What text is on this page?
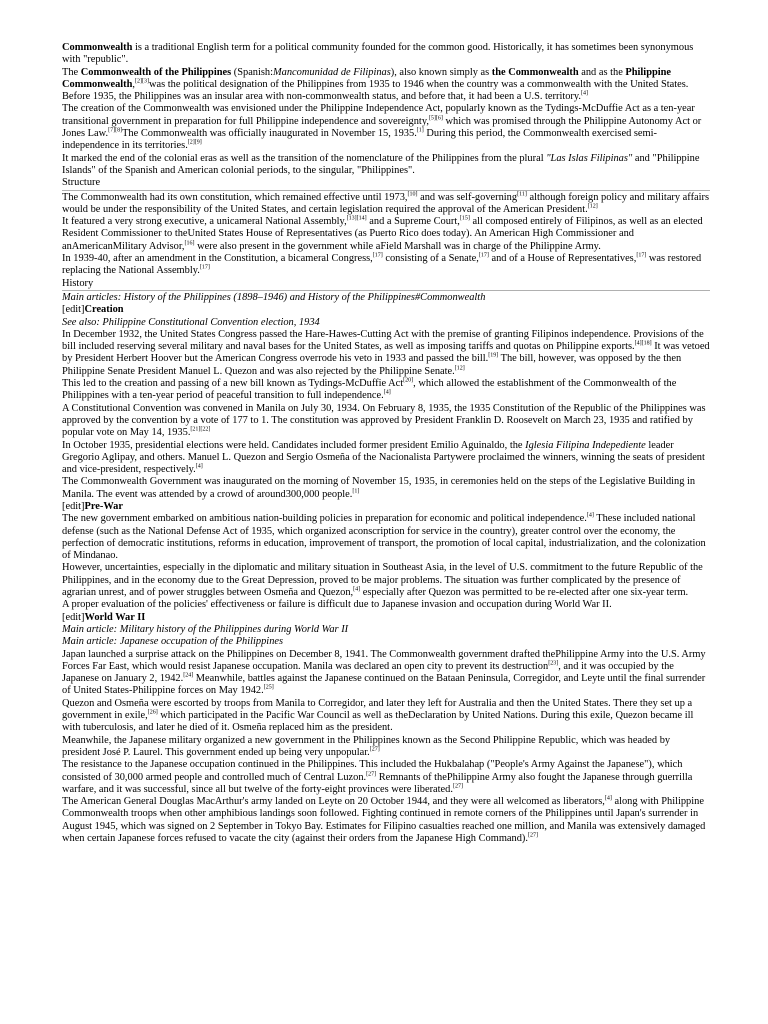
Commonwealth is a traditional English term for a political community founded for the common good. Historically, it has sometimes been synonymous with "republic".

The Commonwealth of the Philippines (Spanish:Mancomunidad de Filipinas), also known simply as the Commonwealth and as the Philippine Commonwealth,[2][3]was the political designation of the Philippines from 1935 to 1946 when the country was a commonwealth with the United States. Before 1935, the Philippines was an insular area with non-commonwealth status, and before that, it had been a U.S. territory.[4]

The creation of the Commonwealth was envisioned under the Philippine Independence Act, popularly known as the Tydings-McDuffie Act as a ten-year transitional government in preparation for full Philippine independence and sovereignty,[5][6] which was promised through the Philippine Autonomy Act or Jones Law.[7][8]The Commonwealth was officially inaugurated in November 15, 1935.[1] During this period, the Commonwealth exercised semi-independence in its territories.[2][9]

It marked the end of the colonial eras as well as the transition of the nomenclature of the Philippines from the plural "Las Islas Filipinas" and "Philippine Islands" of the Spanish and American colonial periods, to the singular, "Philippines".

Structure

The Commonwealth had its own constitution, which remained effective until 1973,[10] and was self-governing[11] although foreign policy and military affairs would be under the responsibility of the United States, and certain legislation required the approval of the American President.[12]

It featured a very strong executive, a unicameral National Assembly,[13][14] and a Supreme Court,[15] all composed entirely of Filipinos, as well as an elected Resident Commissioner to theUnited States House of Representatives (as Puerto Rico does today). An American High Commissioner and anAmericanMilitary Advisor,[16] were also present in the government while aField Marshall was in charge of the Philippine Army.

In 1939-40, after an amendment in the Constitution, a bicameral Congress,[17] consisting of a Senate,[17] and of a House of Representatives,[17] was restored replacing the National Assembly.[17]

History

Main articles: History of the Philippines (1898–1946) and History of the Philippines#Commonwealth

[edit]Creation

See also: Philippine Constitutional Convention election, 1934

In December 1932, the United States Congress passed the Hare-Hawes-Cutting Act with the premise of granting Filipinos independence. Provisions of the bill included reserving several military and naval bases for the United States, as well as imposing tariffs and quotas on Philippine exports.[4][18] It was vetoed by President Herbert Hoover but the American Congress overrode his veto in 1933 and passed the bill.[19] The bill, however, was opposed by the then Philippine Senate President Manuel L. Quezon and was also rejected by the Philippine Senate.[12]

This led to the creation and passing of a new bill known as Tydings-McDuffie Act[20], which allowed the establishment of the Commonwealth of the Philippines with a ten-year period of peaceful transition to full independence.[4]

A Constitutional Convention was convened in Manila on July 30, 1934. On February 8, 1935, the 1935 Constitution of the Republic of the Philippines was approved by the convention by a vote of 177 to 1. The constitution was approved by President Franklin D. Roosevelt on March 23, 1935 and ratified by popular vote on May 14, 1935.[21][22]

In October 1935, presidential elections were held. Candidates included former president Emilio Aguinaldo, the Iglesia Filipina Indepediente leader Gregorio Aglipay, and others. Manuel L. Quezon and Sergio Osmeña of the Nacionalista Partywere proclaimed the winners, winning the seats of president and vice-president, respectively.[4]

The Commonwealth Government was inaugurated on the morning of November 15, 1935, in ceremonies held on the steps of the Legislative Building in Manila. The event was attended by a crowd of around300,000 people.[1]

[edit]Pre-War

The new government embarked on ambitious nation-building policies in preparation for economic and political independence.[4] These included national defense (such as the National Defense Act of 1935, which organized aconscription for service in the country), greater control over the economy, the perfection of democratic institutions, reforms in education, improvement of transport, the promotion of local capital, industrialization, and the colonization of Mindanao.

However, uncertainties, especially in the diplomatic and military situation in Southeast Asia, in the level of U.S. commitment to the future Republic of the Philippines, and in the economy due to the Great Depression, proved to be major problems. The situation was further complicated by the presence of agrarian unrest, and of power struggles between Osmeña and Quezon,[4] especially after Quezon was permitted to be re-elected after one six-year term.

A proper evaluation of the policies' effectiveness or failure is difficult due to Japanese invasion and occupation during World War II.

[edit]World War II

Main article: Military history of the Philippines during World War II

Main article: Japanese occupation of the Philippines

Japan launched a surprise attack on the Philippines on December 8, 1941. The Commonwealth government drafted thePhilippine Army into the U.S. Army Forces Far East, which would resist Japanese occupation. Manila was declared an open city to prevent its destruction[23], and it was occupied by the Japanese on January 2, 1942.[24] Meanwhile, battles against the Japanese continued on the Bataan Peninsula, Corregidor, and Leyte until the final surrender of United States-Philippine forces on May 1942.[25]

Quezon and Osmeña were escorted by troops from Manila to Corregidor, and later they left for Australia and then the United States. There they set up a government in exile,[26] which participated in the Pacific War Council as well as theDeclaration by United Nations. During this exile, Quezon became ill with tuberculosis, and later he died of it. Osmeña replaced him as the president.

Meanwhile, the Japanese military organized a new government in the Philippines known as the Second Philippine Republic, which was headed by president José P. Laurel. This government ended up being very unpopular.[27]

The resistance to the Japanese occupation continued in the Philippines. This included the Hukbalahap ("People's Army Against the Japanese"), which consisted of 30,000 armed people and controlled much of Central Luzon.[27] Remnants of thePhilippine Army also fought the Japanese through guerrilla warfare, and it was successful, since all but twelve of the forty-eight provinces were liberated.[27]

The American General Douglas MacArthur's army landed on Leyte on 20 October 1944, and they were all welcomed as liberators,[4] along with Philippine Commonwealth troops when other amphibious landings soon followed. Fighting continued in remote corners of the Philippines until Japan's surrender in August 1945, which was signed on 2 September in Tokyo Bay. Estimates for Filipino casualties reached one million, and Manila was extensively damaged when certain Japanese forces refused to vacate the city (against their orders from the Japanese High Command).[27]
